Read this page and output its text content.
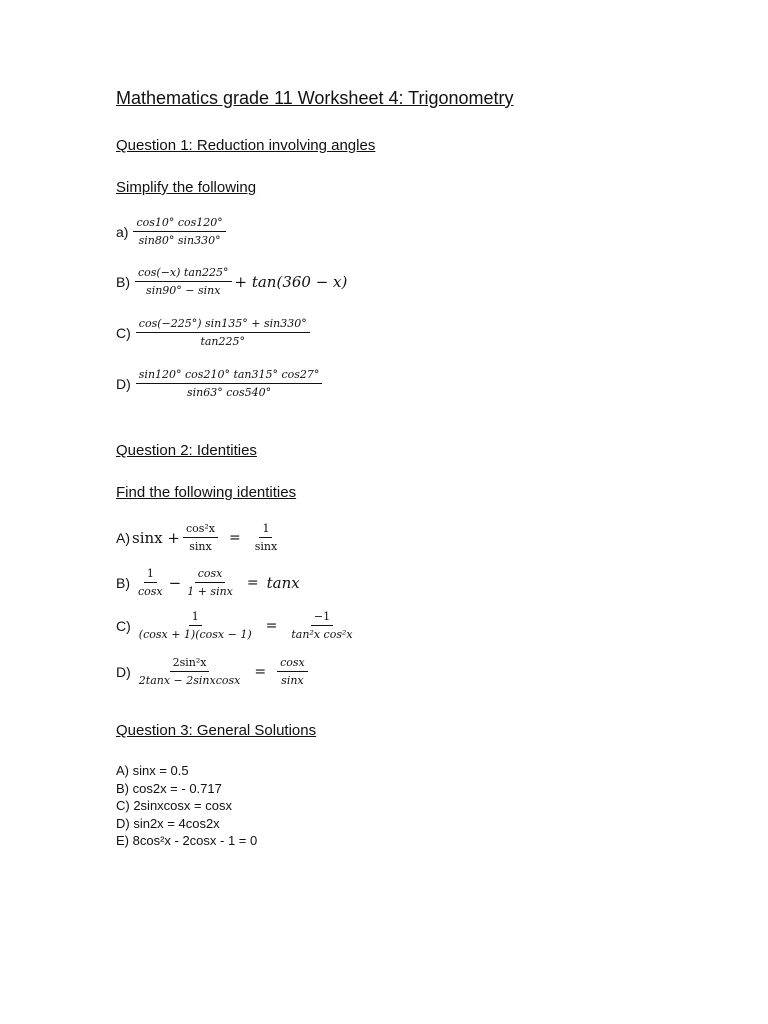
Mathematics grade 11 Worksheet 4: Trigonometry
Question 1: Reduction involving angles
Simplify the following
$a) \frac{\cos 10^\circ \cos 120^\circ}{\sin 80^\circ \sin 330^\circ}$
$B) \frac{\cos(-x) \tan 225^\circ}{\sin 90^\circ - \sin x} + \tan(360 - x)$
$C) \frac{\cos(-225^\circ) \sin 135^\circ + \sin 330^\circ}{\tan 225^\circ}$
$D) \frac{\sin 120^\circ \cos 210^\circ \tan 315^\circ \cos 27^\circ}{\sin 63^\circ \cos 540^\circ}$
Question 2: Identities
Find the following identities
A) $\sin x + \frac{\text{cos²x}}{\sin x} = \frac{1}{\sin x}$
$B) \frac{1}{\cos x} - \frac{\cos x}{1 + \sin x} = \tan x$
$C) \frac{1}{(\cos x + 1)(\cos x - 1)} = \frac{-1}{\text{tan²x cos²x}}$
$D) \frac{\text{2sin²x}}{\text{2tanx − 2sinxcosx}} = \frac{\cos x}{\sin x}$
Question 3: General Solutions
A) sinx = 0.5
B) cos2x = - 0.717
C) 2sinxcosx = cosx
D) sin2x = 4cos2x
E) 8cos²x - 2cosx - 1 = 0
